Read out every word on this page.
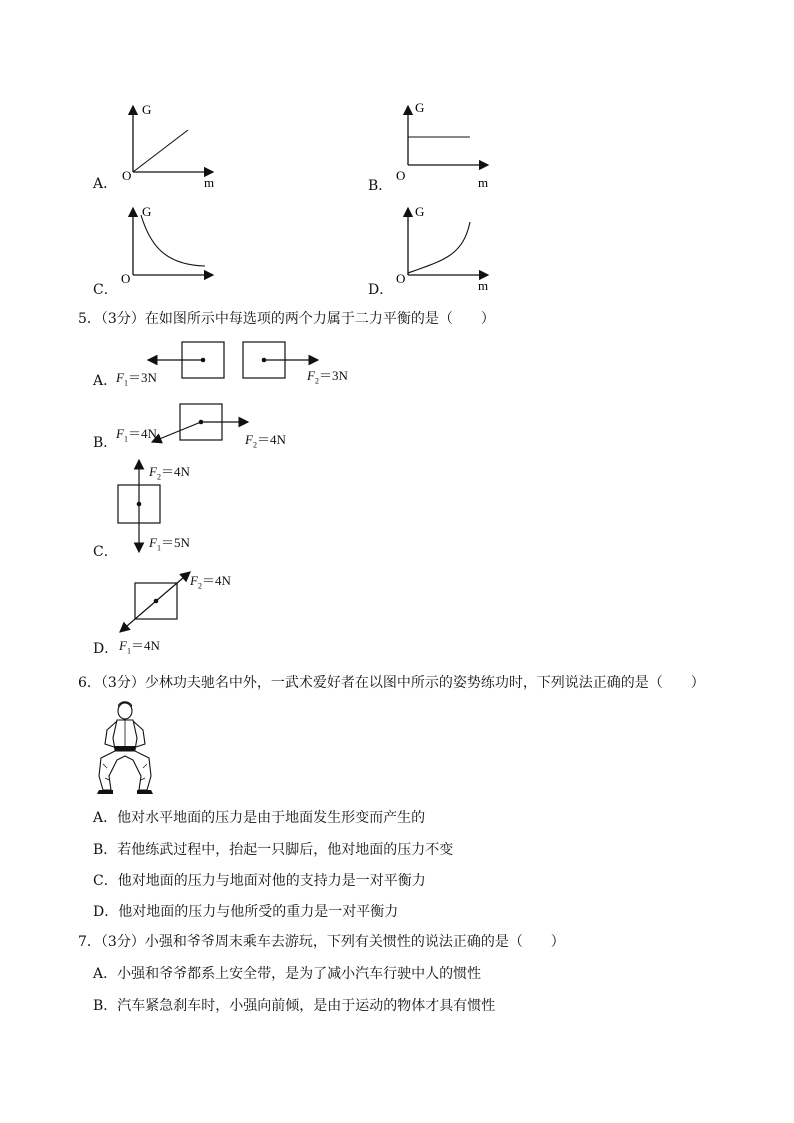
A．
G
O	m	B．
G
O	m
C．
G
O
D．
G
O	m
5．（3分）在如图所示中每选项的两个力属于二力平衡的是（　　）
A．
$F_1=3N$	$F_2=3N$
B．
$F_1=4N$	$F_2=4N$
C．
$F_2=4N$
$F_1=5N$
D．
$F_2=4N$
$F_1=4N$
6．（3分）少林功夫驰名中外，一武术爱好者在以图中所示的姿势练功时，下列说法正确的是（　　）
A．他对水平地面的压力是由于地面发生形变而产生的
B．若他练武过程中，抬起一只脚后，他对地面的压力不变
C．他对地面的压力与地面对他的支持力是一对平衡力
D．他对地面的压力与他所受的重力是一对平衡力
7．（3分）小强和爷爷周末乘车去游玩，下列有关惯性的说法正确的是（　　）
A．小强和爷爷都系上安全带，是为了减小汽车行驶中人的惯性
B．汽车紧急刹车时，小强向前倾，是由于运动的物体才具有惯性
